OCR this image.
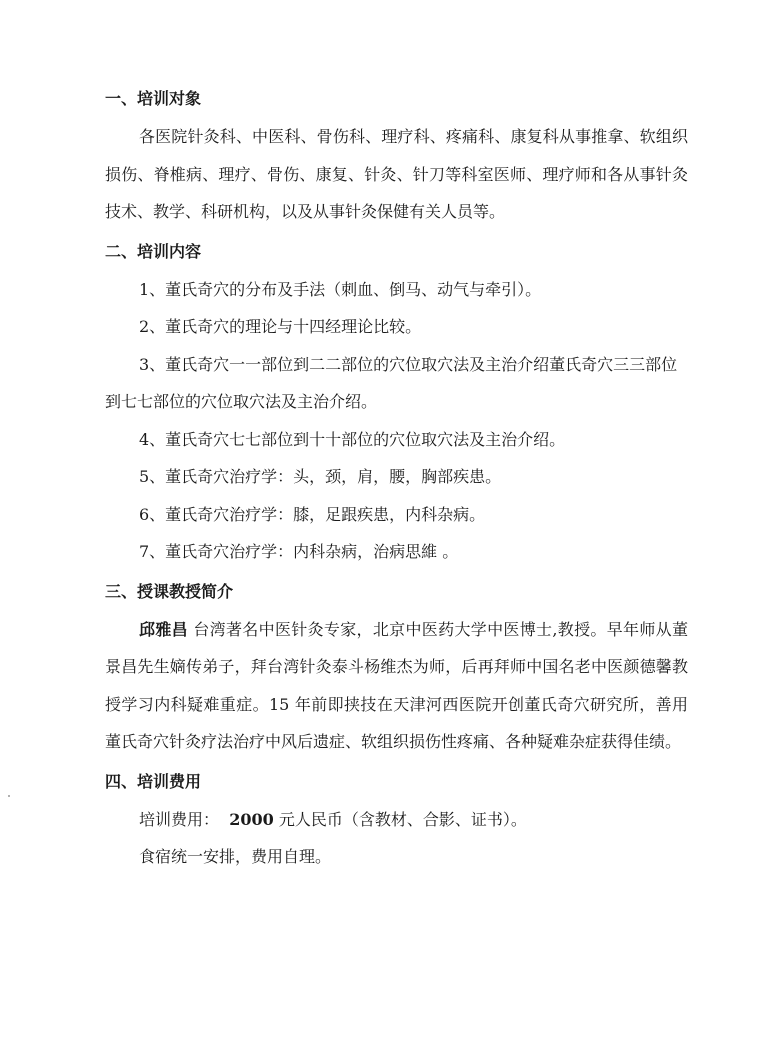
一、培训对象

各医院针灸科、中医科、骨伤科、理疗科、疼痛科、康复科从事推拿、软组织损伤、脊椎病、理疗、骨伤、康复、针灸、针刀等科室医师、理疗师和各从事针灸技术、教学、科研机构，以及从事针灸保健有关人员等。

二、培训内容

1、董氏奇穴的分布及手法（刺血、倒马、动气与牵引）。

2、董氏奇穴的理论与十四经理论比较。

3、董氏奇穴一一部位到二二部位的穴位取穴法及主治介绍董氏奇穴三三部位到七七部位的穴位取穴法及主治介绍。

4、董氏奇穴七七部位到十十部位的穴位取穴法及主治介绍。

5、董氏奇穴治疗学：头，颈，肩，腰，胸部疾患。

6、董氏奇穴治疗学：膝，足跟疾患，内科杂病。

7、董氏奇穴治疗学：内科杂病，治病思維 。

三、授课教授简介

邱雅昌 台湾著名中医针灸专家，北京中医药大学中医博士,教授。早年师从董景昌先生嫡传弟子，拜台湾针灸泰斗杨维杰为师，后再拜师中国名老中医颜德馨教授学习内科疑难重症。15 年前即挟技在天津河西医院开创董氏奇穴研究所，善用董氏奇穴针灸疗法治疗中风后遗症、软组织损伤性疼痛、各种疑难杂症获得佳绩。

四、培训费用

培训费用： 2000 元人民币（含教材、合影、证书）。

食宿统一安排，费用自理。
